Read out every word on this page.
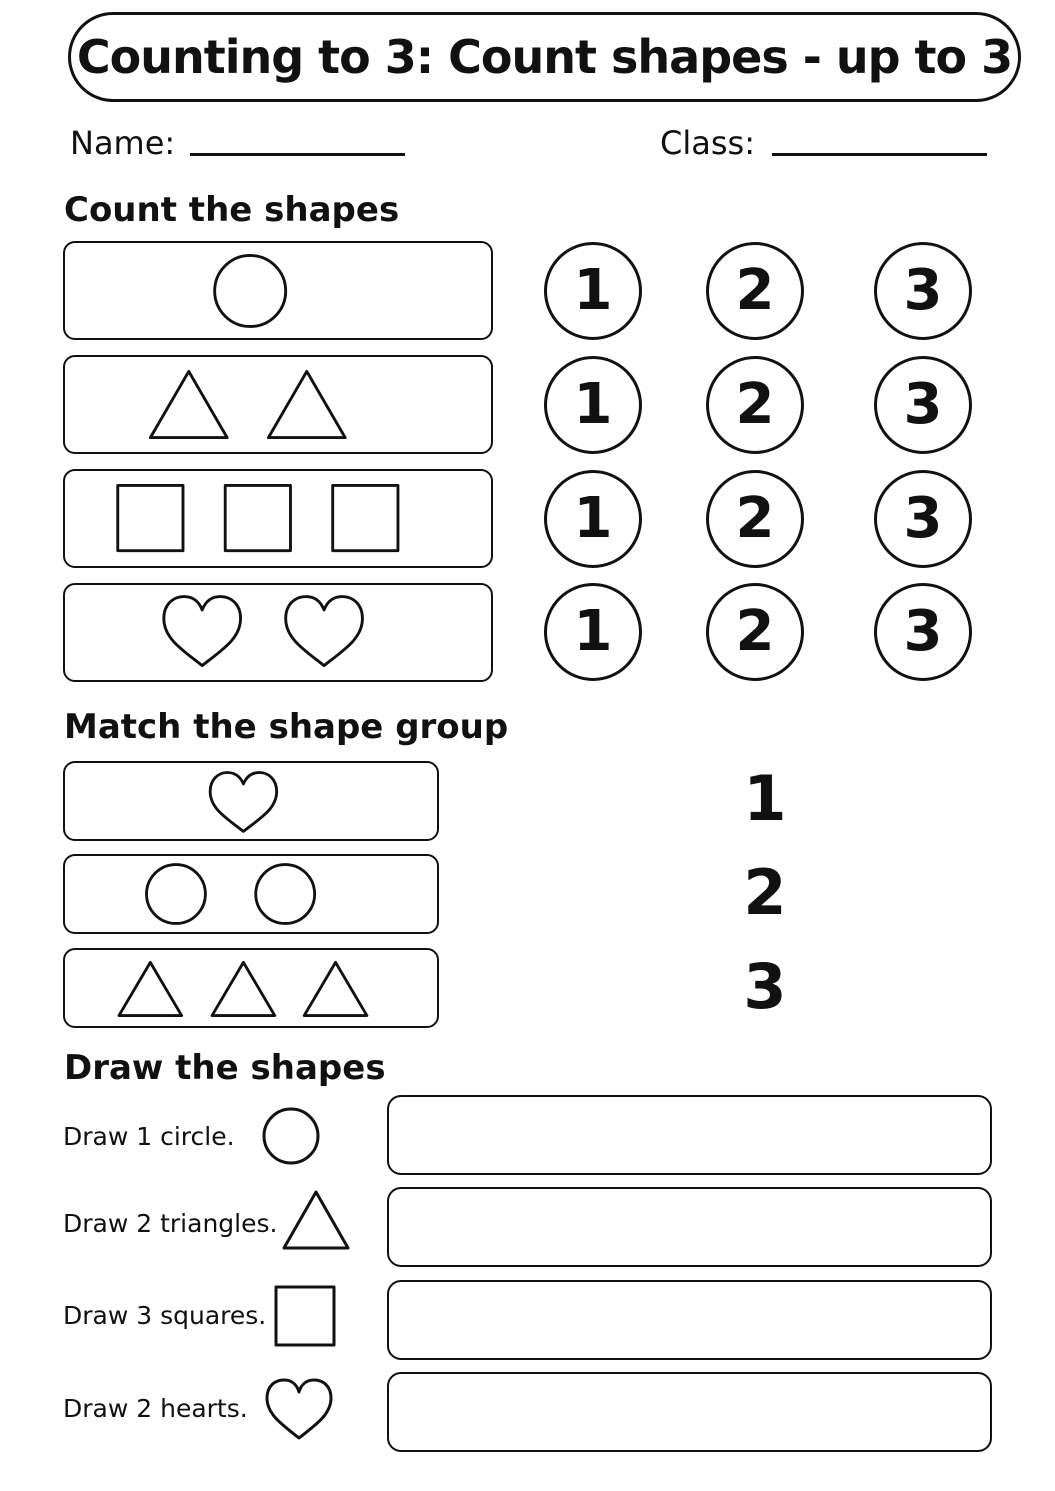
Counting to 3: Count shapes - up to 3
Name:	Class:
Count the shapes
1	2	3
1	2	3
1	2	3
1	2	3
Match the shape group
1
2
3
Draw the shapes
Draw 1 circle.
Draw 2 triangles.
Draw 3 squares.
Draw 2 hearts.
